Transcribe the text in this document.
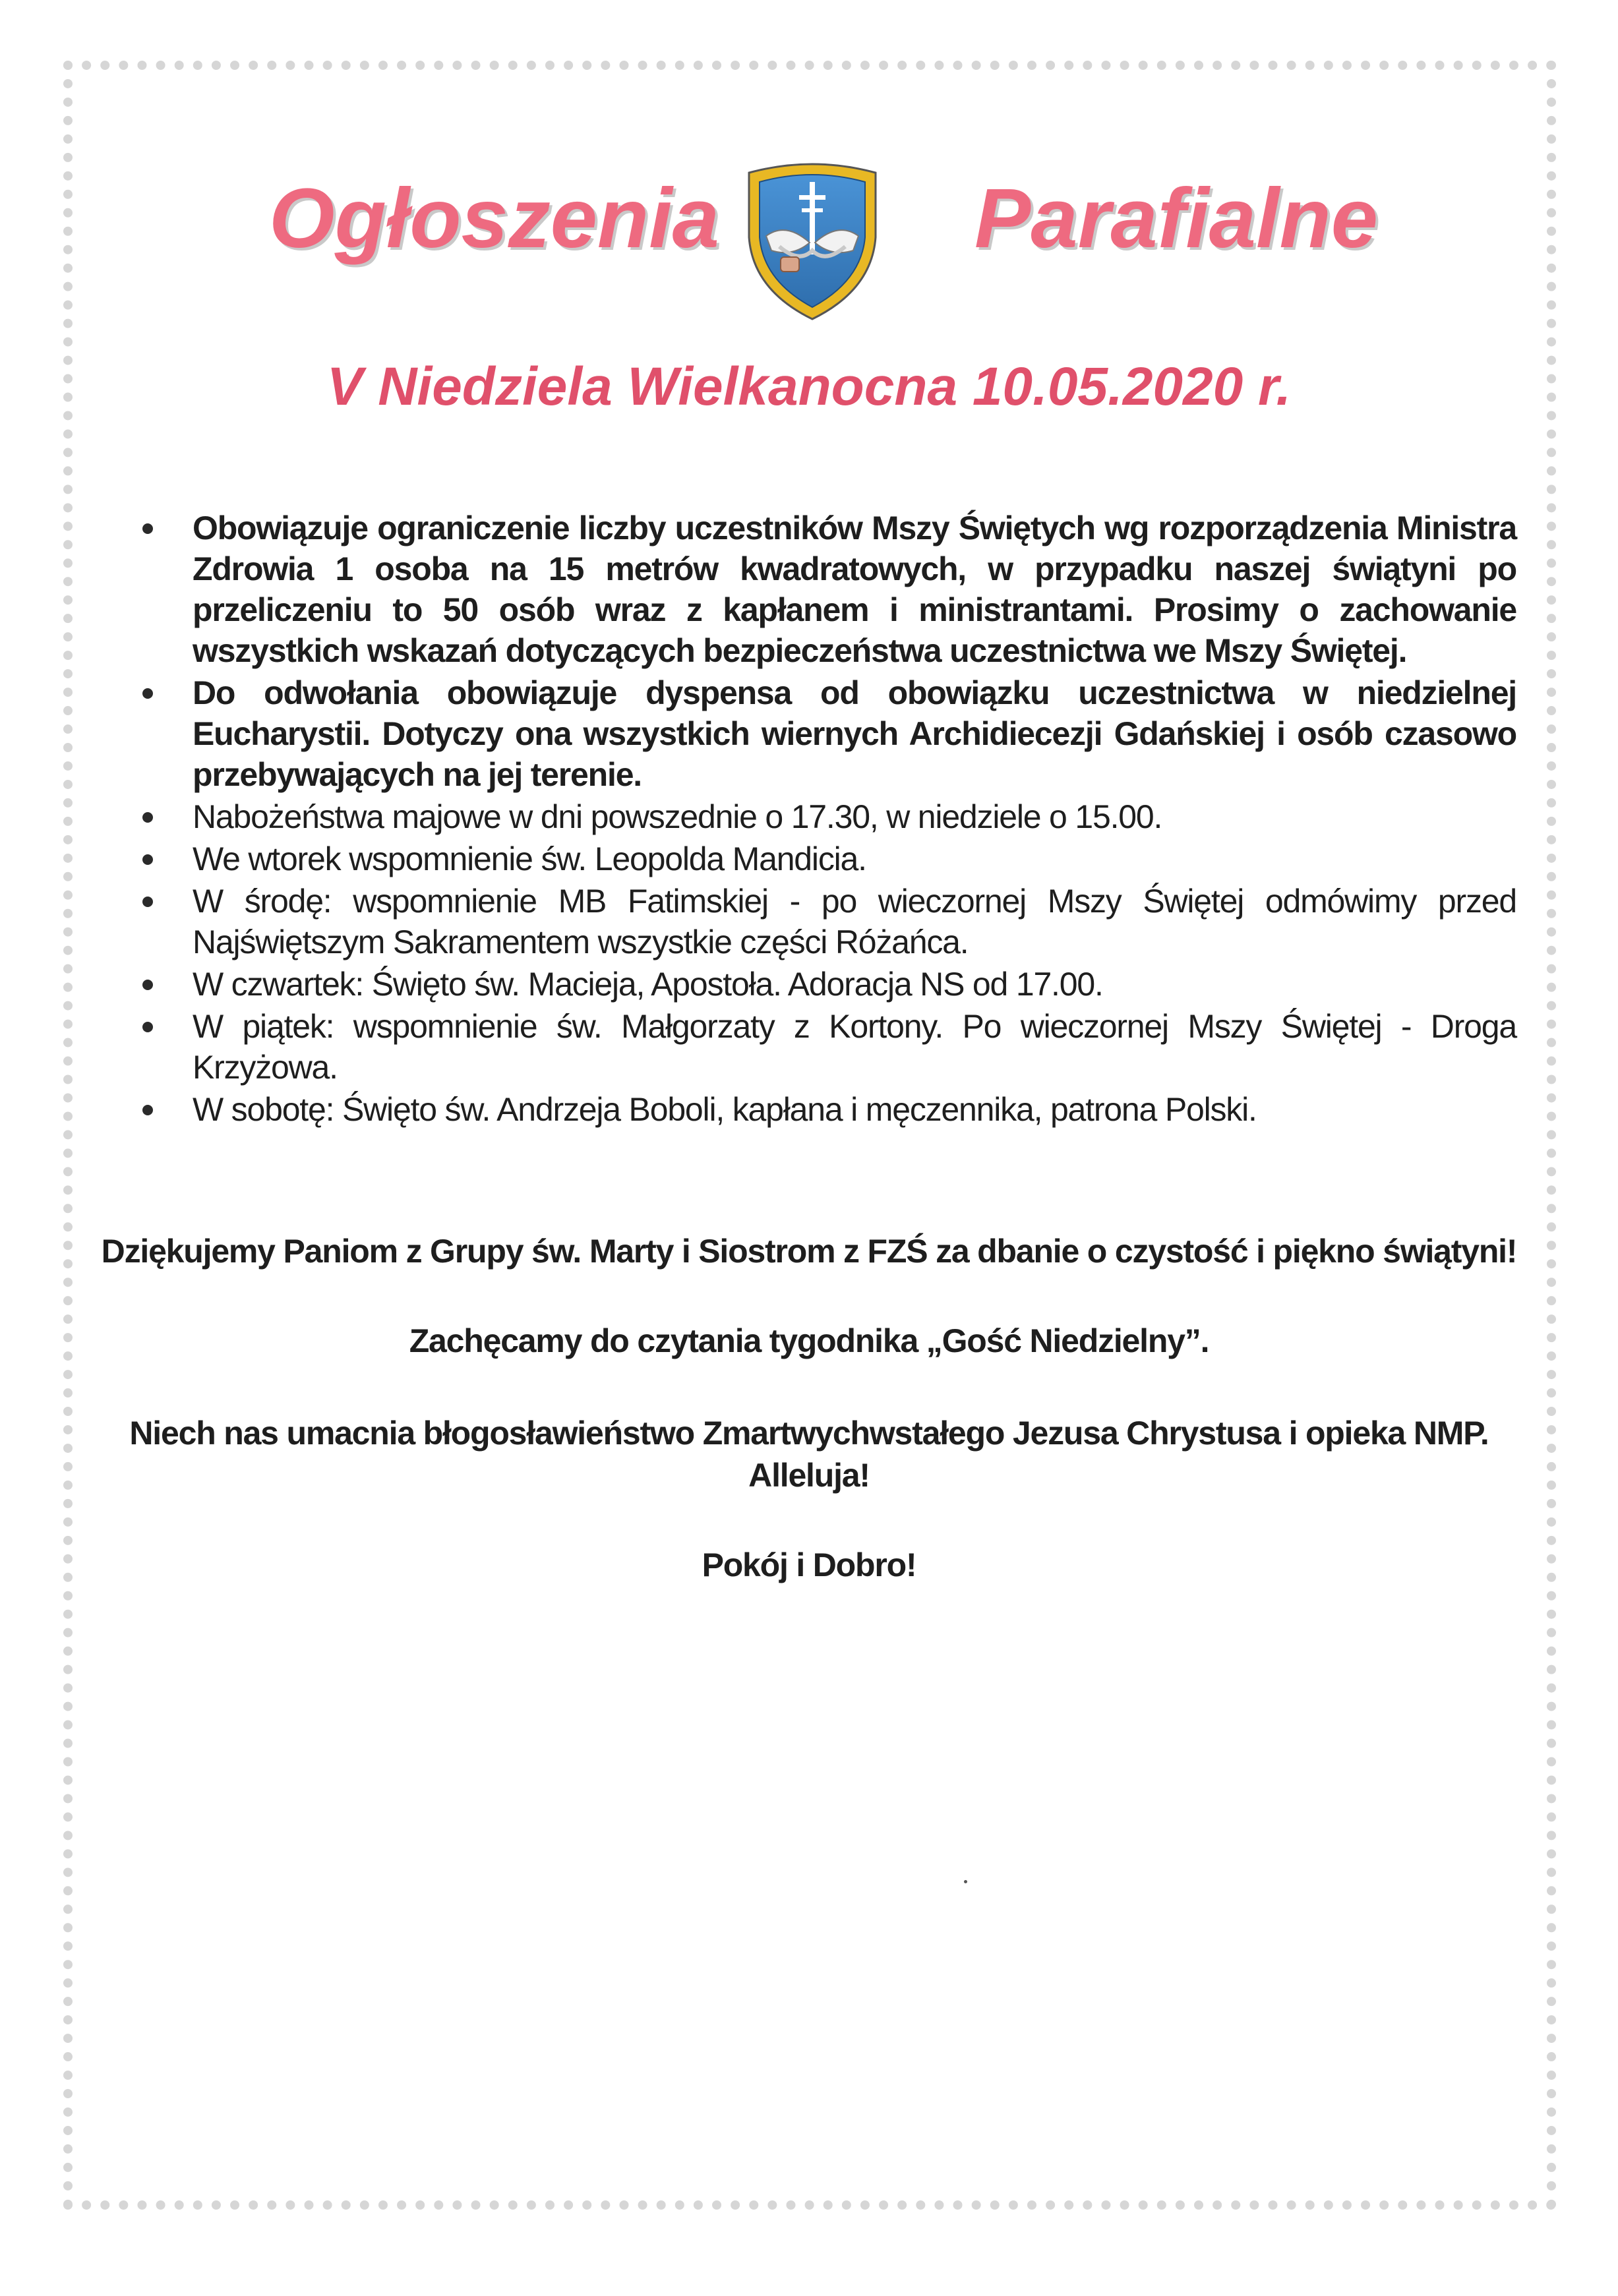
Ogłoszenia	Parafialne
V Niedziela Wielkanocna 10.05.2020 r.
Obowiązuje ograniczenie liczby uczestników Mszy Świętych wg rozporządzenia Ministra Zdrowia 1 osoba na 15 metrów kwadratowych, w przypadku naszej świątyni po przeliczeniu to 50 osób wraz z kapłanem i ministrantami. Prosimy o zachowanie wszystkich wskazań dotyczących bezpieczeństwa uczestnictwa we Mszy Świętej.
Do odwołania obowiązuje dyspensa od obowiązku uczestnictwa w niedzielnej Eucharystii. Dotyczy ona wszystkich wiernych Archidiecezji Gdańskiej i osób czasowo przebywających na jej terenie.
Nabożeństwa majowe w dni powszednie o 17.30, w niedziele o 15.00.
We wtorek wspomnienie św. Leopolda Mandicia.
W środę: wspomnienie MB Fatimskiej - po wieczornej Mszy Świętej odmówimy przed Najświętszym Sakramentem wszystkie części Różańca.
W czwartek: Święto św. Macieja, Apostoła. Adoracja NS od 17.00.
W piątek: wspomnienie św. Małgorzaty z Kortony. Po wieczornej Mszy Świętej - Droga Krzyżowa.
W sobotę: Święto św. Andrzeja Boboli, kapłana i męczennika, patrona Polski.
Dziękujemy Paniom z Grupy św. Marty i Siostrom z FZŚ za dbanie o czystość i piękno świątyni!
Zachęcamy do czytania tygodnika „Gość Niedzielny”.
Niech nas umacnia błogosławieństwo Zmartwychwstałego Jezusa Chrystusa i opieka NMP.
Alleluja!
Pokój i Dobro!
